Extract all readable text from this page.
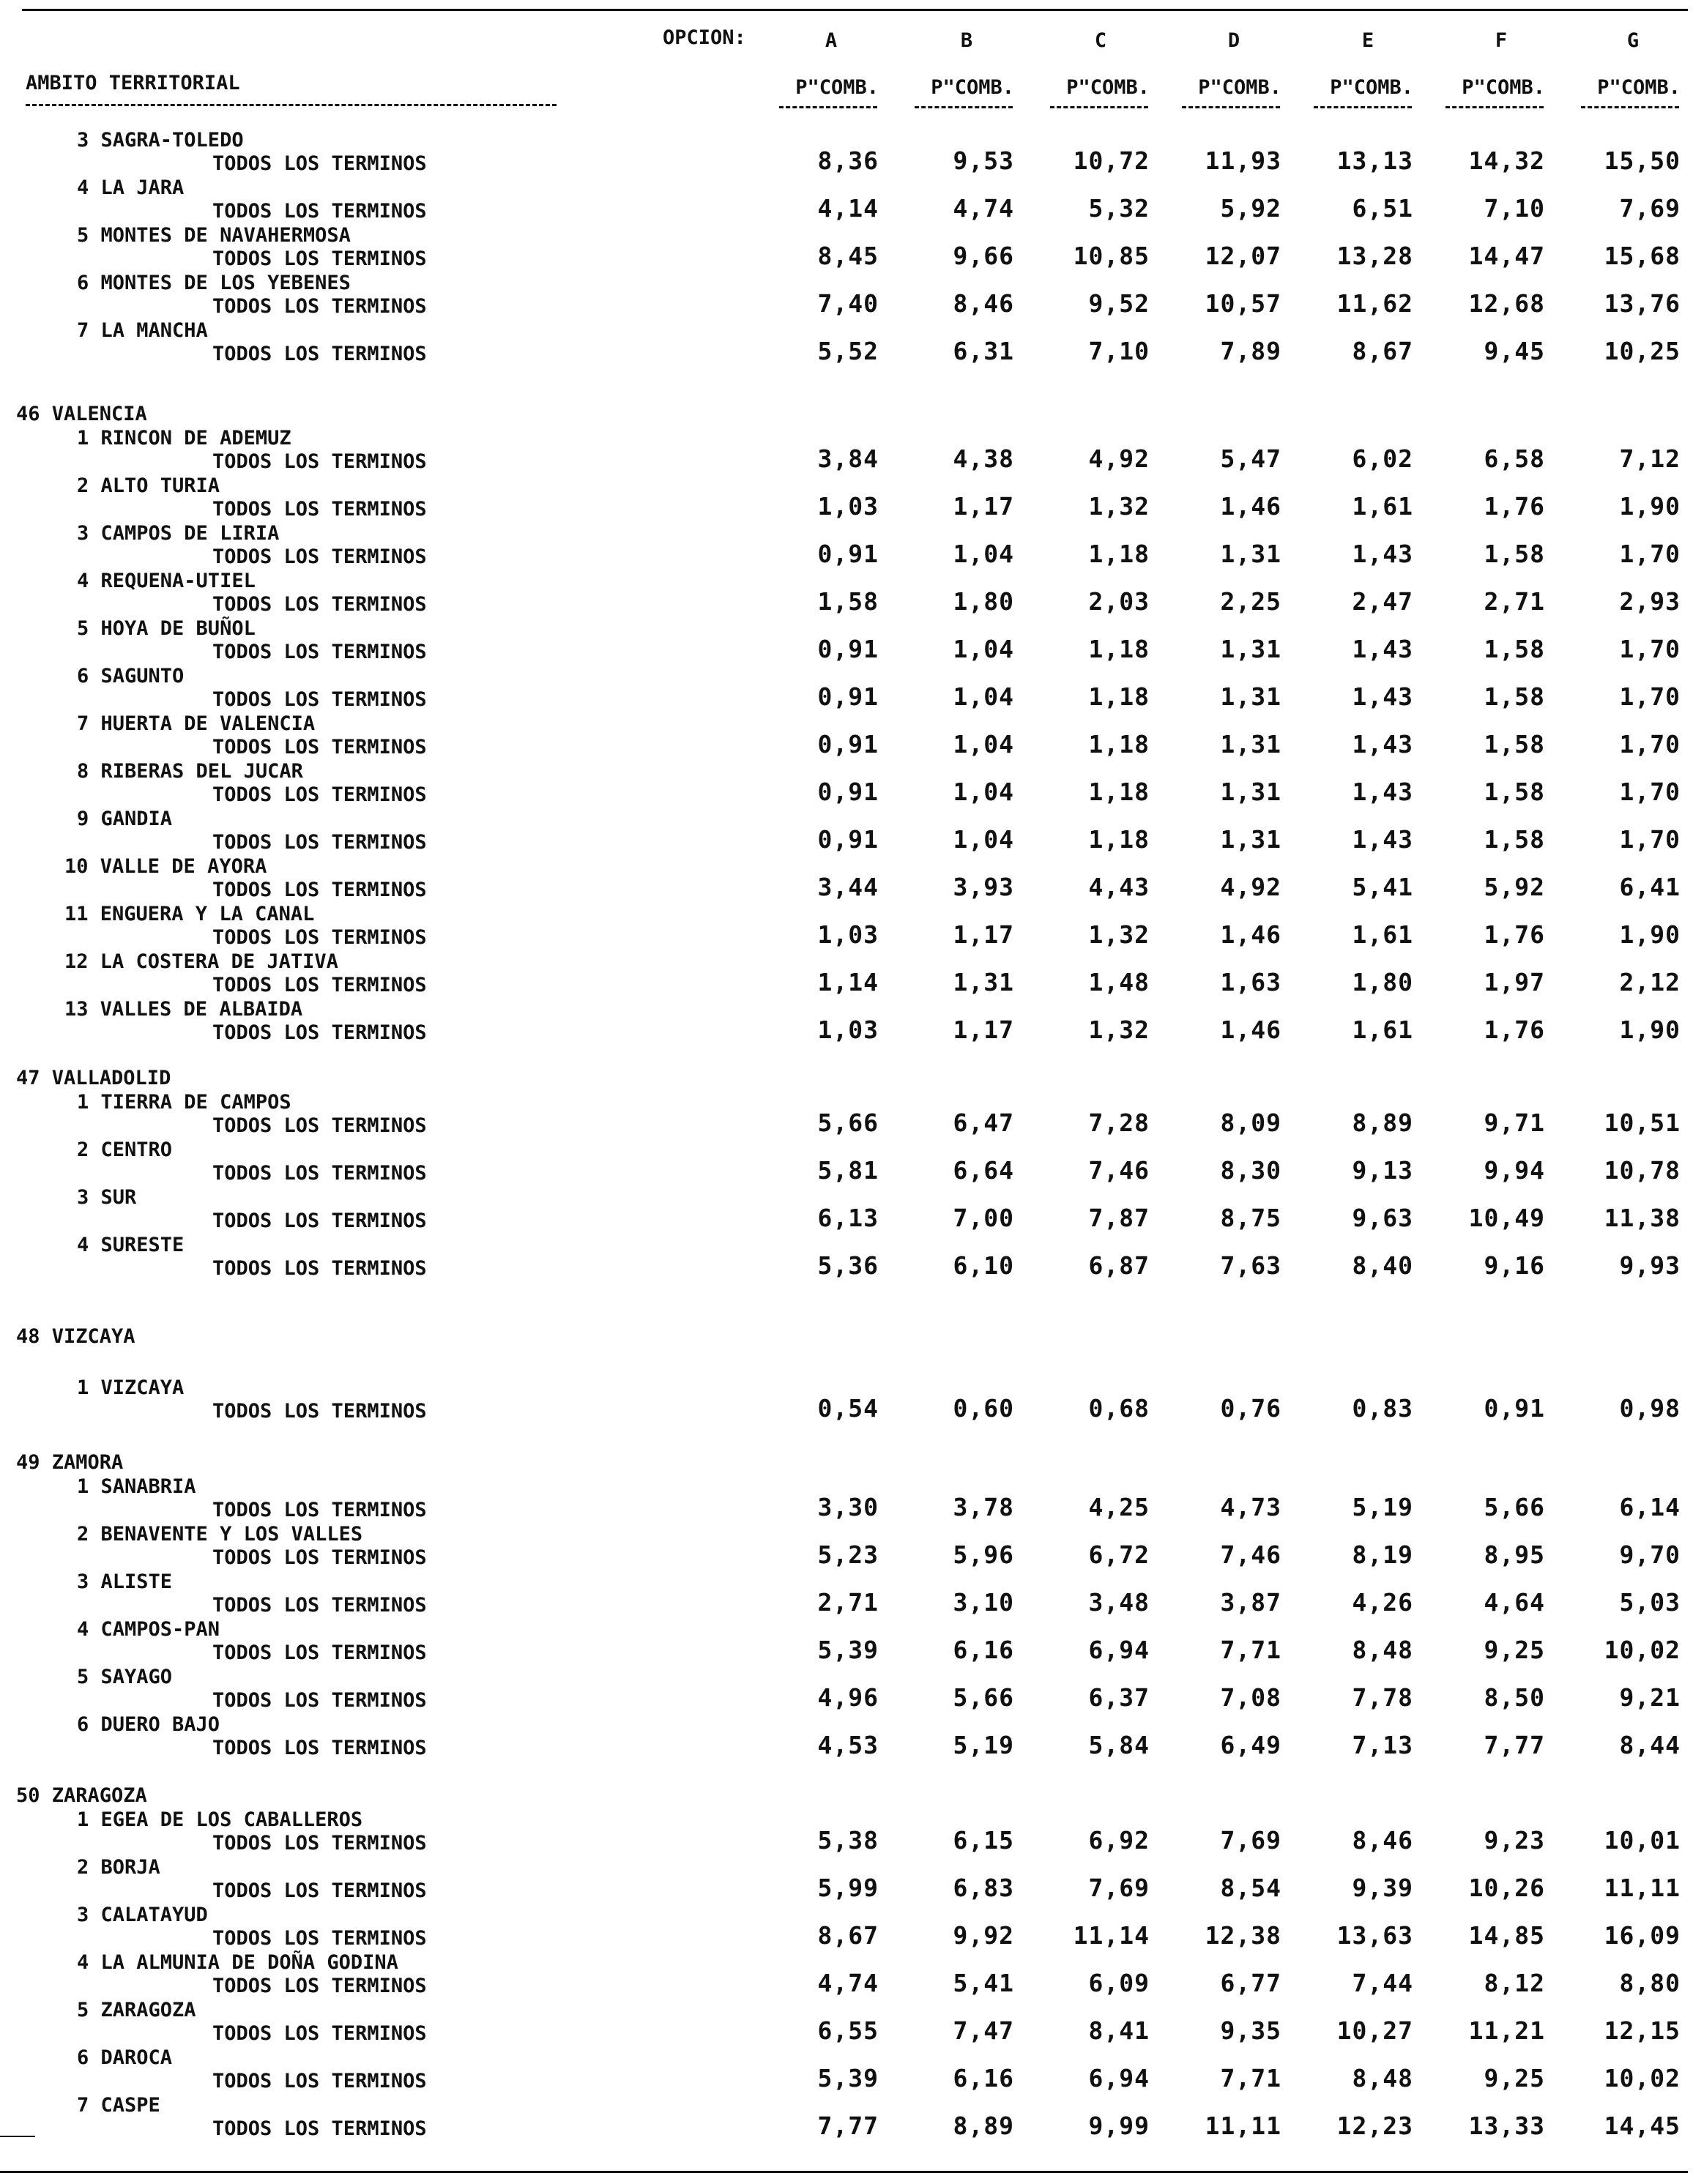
OPCION:	A	B	C	D	E	F	G
AMBITO TERRITORIAL	P"COMB.	P"COMB.	P"COMB.	P"COMB.	P"COMB.	P"COMB.	P"COMB.
3 SAGRA-TOLEDO
TODOS LOS TERMINOS	8,36	9,53	10,72	11,93	13,13	14,32	15,50
4 LA JARA
TODOS LOS TERMINOS	4,14	4,74	5,32	5,92	6,51	7,10	7,69
5 MONTES DE NAVAHERMOSA
TODOS LOS TERMINOS	8,45	9,66	10,85	12,07	13,28	14,47	15,68
6 MONTES DE LOS YEBENES
TODOS LOS TERMINOS	7,40	8,46	9,52	10,57	11,62	12,68	13,76
7 LA MANCHA
TODOS LOS TERMINOS	5,52	6,31	7,10	7,89	8,67	9,45	10,25
46 VALENCIA
1 RINCON DE ADEMUZ
TODOS LOS TERMINOS	3,84	4,38	4,92	5,47	6,02	6,58	7,12
2 ALTO TURIA
TODOS LOS TERMINOS	1,03	1,17	1,32	1,46	1,61	1,76	1,90
3 CAMPOS DE LIRIA
TODOS LOS TERMINOS	0,91	1,04	1,18	1,31	1,43	1,58	1,70
4 REQUENA-UTIEL
TODOS LOS TERMINOS	1,58	1,80	2,03	2,25	2,47	2,71	2,93
5 HOYA DE BUÑOL
TODOS LOS TERMINOS	0,91	1,04	1,18	1,31	1,43	1,58	1,70
6 SAGUNTO
TODOS LOS TERMINOS	0,91	1,04	1,18	1,31	1,43	1,58	1,70
7 HUERTA DE VALENCIA
TODOS LOS TERMINOS	0,91	1,04	1,18	1,31	1,43	1,58	1,70
8 RIBERAS DEL JUCAR
TODOS LOS TERMINOS	0,91	1,04	1,18	1,31	1,43	1,58	1,70
9 GANDIA
TODOS LOS TERMINOS	0,91	1,04	1,18	1,31	1,43	1,58	1,70
10 VALLE DE AYORA
TODOS LOS TERMINOS	3,44	3,93	4,43	4,92	5,41	5,92	6,41
11 ENGUERA Y LA CANAL
TODOS LOS TERMINOS	1,03	1,17	1,32	1,46	1,61	1,76	1,90
12 LA COSTERA DE JATIVA
TODOS LOS TERMINOS	1,14	1,31	1,48	1,63	1,80	1,97	2,12
13 VALLES DE ALBAIDA
TODOS LOS TERMINOS	1,03	1,17	1,32	1,46	1,61	1,76	1,90
47 VALLADOLID
1 TIERRA DE CAMPOS
TODOS LOS TERMINOS	5,66	6,47	7,28	8,09	8,89	9,71	10,51
2 CENTRO
TODOS LOS TERMINOS	5,81	6,64	7,46	8,30	9,13	9,94	10,78
3 SUR
TODOS LOS TERMINOS	6,13	7,00	7,87	8,75	9,63	10,49	11,38
4 SURESTE
TODOS LOS TERMINOS	5,36	6,10	6,87	7,63	8,40	9,16	9,93
48 VIZCAYA
1 VIZCAYA
TODOS LOS TERMINOS	0,54	0,60	0,68	0,76	0,83	0,91	0,98
49 ZAMORA
1 SANABRIA
TODOS LOS TERMINOS	3,30	3,78	4,25	4,73	5,19	5,66	6,14
2 BENAVENTE Y LOS VALLES
TODOS LOS TERMINOS	5,23	5,96	6,72	7,46	8,19	8,95	9,70
3 ALISTE
TODOS LOS TERMINOS	2,71	3,10	3,48	3,87	4,26	4,64	5,03
4 CAMPOS-PAN
TODOS LOS TERMINOS	5,39	6,16	6,94	7,71	8,48	9,25	10,02
5 SAYAGO
TODOS LOS TERMINOS	4,96	5,66	6,37	7,08	7,78	8,50	9,21
6 DUERO BAJO
TODOS LOS TERMINOS	4,53	5,19	5,84	6,49	7,13	7,77	8,44
50 ZARAGOZA
1 EGEA DE LOS CABALLEROS
TODOS LOS TERMINOS	5,38	6,15	6,92	7,69	8,46	9,23	10,01
2 BORJA
TODOS LOS TERMINOS	5,99	6,83	7,69	8,54	9,39	10,26	11,11
3 CALATAYUD
TODOS LOS TERMINOS	8,67	9,92	11,14	12,38	13,63	14,85	16,09
4 LA ALMUNIA DE DOÑA GODINA
TODOS LOS TERMINOS	4,74	5,41	6,09	6,77	7,44	8,12	8,80
5 ZARAGOZA
TODOS LOS TERMINOS	6,55	7,47	8,41	9,35	10,27	11,21	12,15
6 DAROCA
TODOS LOS TERMINOS	5,39	6,16	6,94	7,71	8,48	9,25	10,02
7 CASPE
TODOS LOS TERMINOS	7,77	8,89	9,99	11,11	12,23	13,33	14,45
